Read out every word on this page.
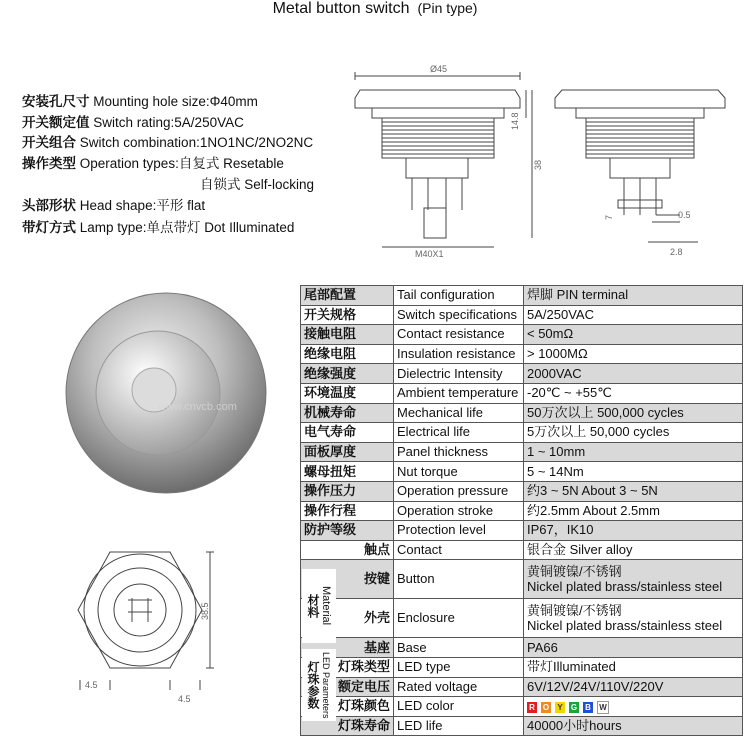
Metal button switch (Pin type)
安装孔尺寸 Mounting hole size:Φ40mm
开关额定值 Switch rating:5A/250VAC
开关组合 Switch combination:1NO1NC/2NO2NC
操作类型 Operation types:自复式 Resetable
自锁式 Self-locking
头部形状 Head shape:平形 flat
带灯方式 Lamp type:单点带灯 Dot Illuminated
Ø45
14.8
38
M40X1
7	0.5
2.8
www.cnvcb.com
38.5
4.5
4.5
尾部配置	Tail configuration	焊脚 PIN terminal
开关规格	Switch specifications	5A/250VAC
接触电阻	Contact resistance	< 50mΩ
绝缘电阻	Insulation resistance	> 1000MΩ
绝缘强度	Dielectric Intensity	2000VAC
环境温度	Ambient temperature	-20℃ ~ +55℃
机械寿命	Mechanical life	50万次以上 500,000 cycles
电气寿命	Electrical life	5万次以上 50,000 cycles
面板厚度	Panel thickness	1 ~ 10mm
螺母扭矩	Nut torque	5 ~ 14Nm
操作压力	Operation pressure	约3 ~ 5N About 3 ~ 5N
操作行程	Operation stroke	约2.5mm About 2.5mm
防护等级	Protection level	IP67，IK10
触点	Contact	银合金 Silver alloy
按键	Button	黄铜镀镍/不锈钢
Nickel plated brass/stainless steel
外壳	Enclosure	黄铜镀镍/不锈钢
Nickel plated brass/stainless steel
基座	Base	PA66
灯珠类型	LED type	带灯Illuminated
额定电压	Rated voltage	6V/12V/24V/110V/220V
灯珠颜色	LED color	R O Y G B W
灯珠寿命	LED life	40000小时hours
材料 Material
灯珠参数 LED Parameters
